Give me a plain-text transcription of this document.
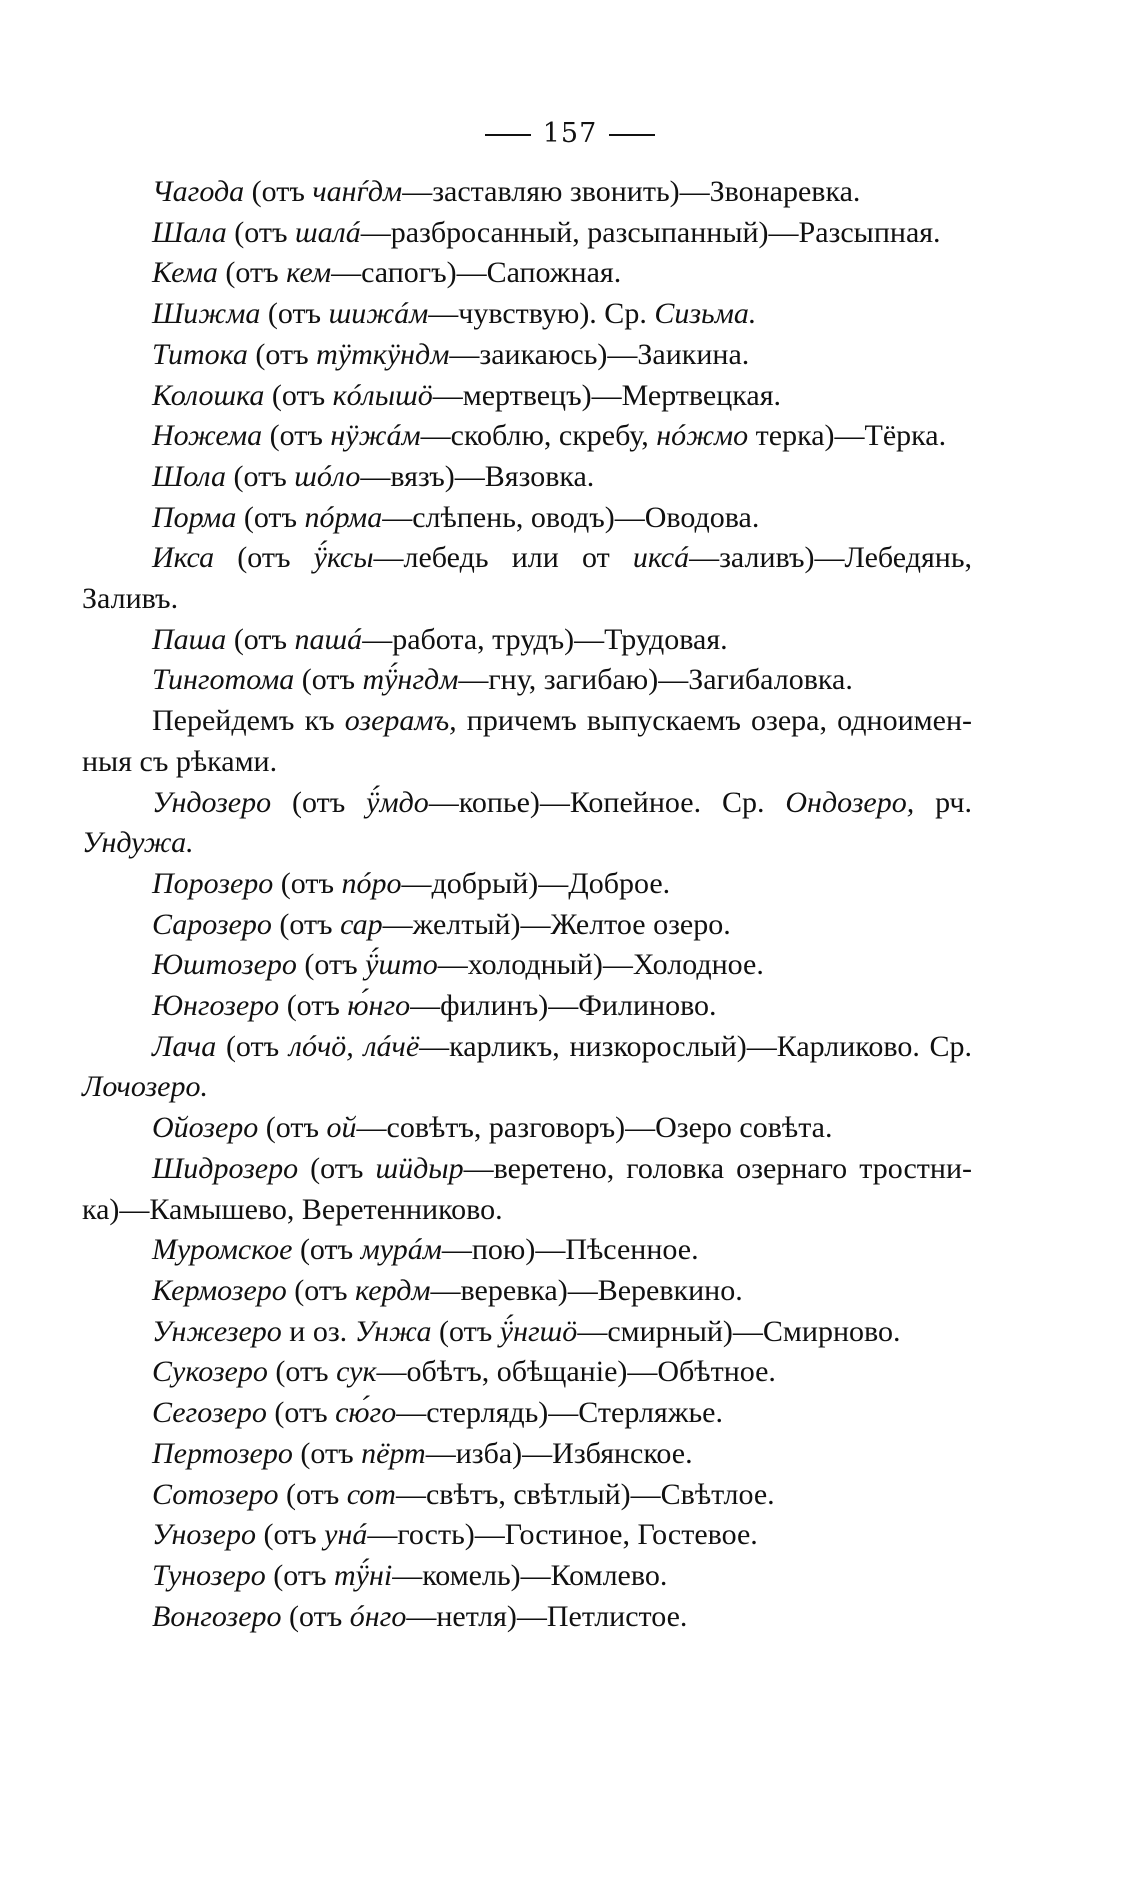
157
Чагода (отъ чанѓдм—заставляю звонить)—Звонаревка.
Шала (отъ шалá—разбросанный, разсыпанный)—Разсыпная.
Кема (отъ кем—сапогъ)—Сапожная.
Шижма (отъ шижáм—чувствую). Ср. Сизьма.
Титока (отъ тӱткӱндм—заикаюсь)—Заикина.
Колошка (отъ кóлышӧ—мертвецъ)—Мертвецкая.
Ножема (отъ нӱжáм—скоблю, скребу, нóжмо терка)—Тёрка.
Шола (отъ шóло—вязъ)—Вязовка.
Порма (отъ пóрма—слѣпень, оводъ)—Оводова.
Икса (отъ ӱ́ксы—лебедь или от иксá—заливъ)—Лебедянь,
Заливъ.
Паша (отъ пашá—работа, трудъ)—Трудовая.
Тинготома (отъ тӱ́нгдм—гну, загибаю)—Загибаловка.
Перейдемъ къ озерамъ, причемъ выпускаемъ озера, одноимен-
ныя съ рѣками.
Ундозеро (отъ ӱ́мдо—копье)—Копейное. Ср. Ондозеро, рч.
Ундужа.
Порозеро (отъ пóро—добрый)—Доброе.
Сарозеро (отъ сар—желтый)—Желтое озеро.
Юштозеро (отъ ӱ́што—холодный)—Холодное.
Юнгозеро (отъ ю́нго—филинъ)—Филиново.
Лача (отъ лóчӧ, лáчё—карликъ, низкорослый)—Карликово. Ср.
Лочозеро.
Ойозеро (отъ ой—совѣтъ, разговоръ)—Озеро совѣта.
Шидрозеро (отъ шӥдыр—веретено, головка озернаго тростни-
ка)—Камышево, Веретенниково.
Муромское (отъ мурáм—пою)—Пѣсенное.
Кермозеро (отъ кердм—веревка)—Веревкино.
Унжезеро и оз. Унжа (отъ ӱ́нгшӧ—смирный)—Смирново.
Сукозеро (отъ сук—обѣтъ, обѣщаніе)—Обѣтное.
Сегозеро (отъ сю́го—стерлядь)—Стерляжье.
Пертозеро (отъ пёрт—изба)—Избянское.
Сотозеро (отъ сот—свѣтъ, свѣтлый)—Свѣтлое.
Унозеро (отъ унá—гость)—Гостиное, Гостевое.
Тунозеро (отъ тӱ́ні—комель)—Комлево.
Вонгозеро (отъ óнго—нетля)—Петлистое.
